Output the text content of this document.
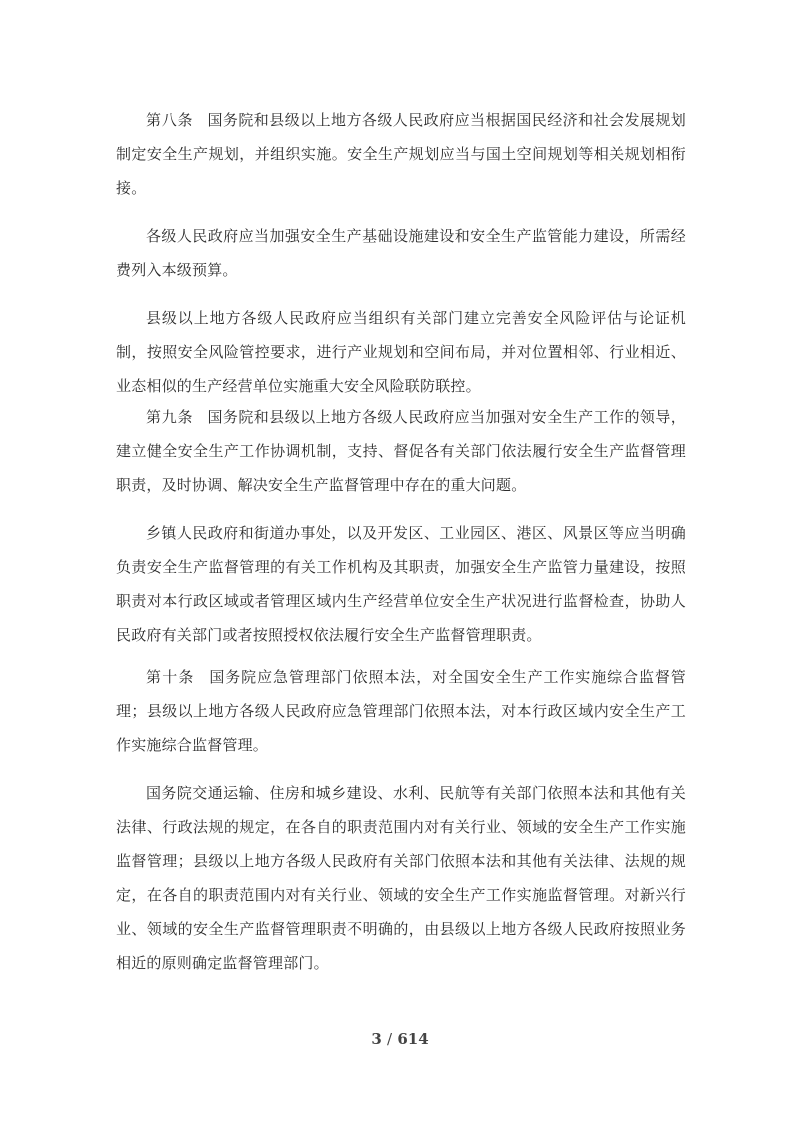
第八条 国务院和县级以上地方各级人民政府应当根据国民经济和社会发展规划制定安全生产规划，并组织实施。安全生产规划应当与国土空间规划等相关规划相衔接。

各级人民政府应当加强安全生产基础设施建设和安全生产监管能力建设，所需经费列入本级预算。

县级以上地方各级人民政府应当组织有关部门建立完善安全风险评估与论证机制，按照安全风险管控要求，进行产业规划和空间布局，并对位置相邻、行业相近、业态相似的生产经营单位实施重大安全风险联防联控。

第九条 国务院和县级以上地方各级人民政府应当加强对安全生产工作的领导，建立健全安全生产工作协调机制，支持、督促各有关部门依法履行安全生产监督管理职责，及时协调、解决安全生产监督管理中存在的重大问题。

乡镇人民政府和街道办事处，以及开发区、工业园区、港区、风景区等应当明确负责安全生产监督管理的有关工作机构及其职责，加强安全生产监管力量建设，按照职责对本行政区域或者管理区域内生产经营单位安全生产状况进行监督检查，协助人民政府有关部门或者按照授权依法履行安全生产监督管理职责。

第十条 国务院应急管理部门依照本法，对全国安全生产工作实施综合监督管理；县级以上地方各级人民政府应急管理部门依照本法，对本行政区域内安全生产工作实施综合监督管理。

国务院交通运输、住房和城乡建设、水利、民航等有关部门依照本法和其他有关法律、行政法规的规定，在各自的职责范围内对有关行业、领域的安全生产工作实施监督管理；县级以上地方各级人民政府有关部门依照本法和其他有关法律、法规的规定，在各自的职责范围内对有关行业、领域的安全生产工作实施监督管理。对新兴行业、领域的安全生产监督管理职责不明确的，由县级以上地方各级人民政府按照业务相近的原则确定监督管理部门。

3 / 614
